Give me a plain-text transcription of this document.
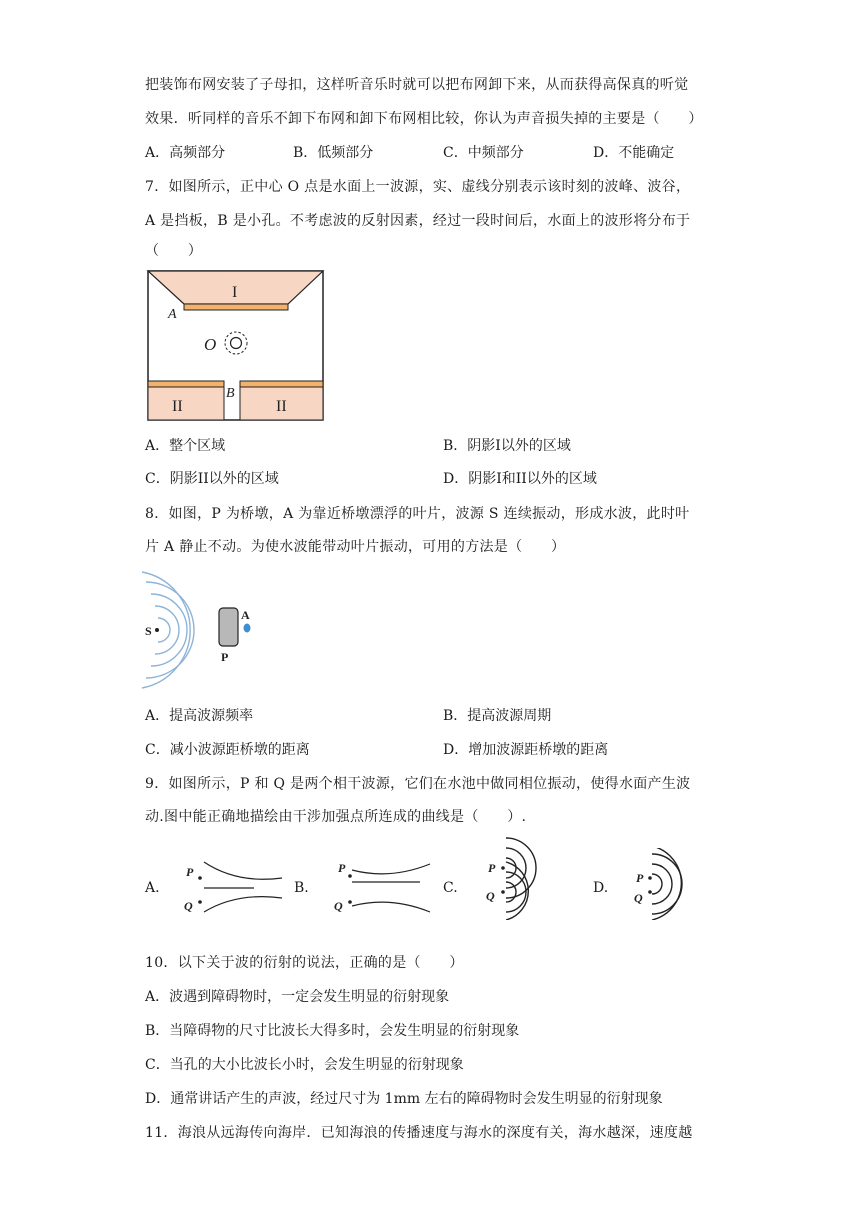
把装饰布网安装了子母扣，这样听音乐时就可以把布网卸下来，从而获得高保真的听觉
效果．听同样的音乐不卸下布网和卸下布网相比较，你认为声音损失掉的主要是（　　）
A．高频部分	B．低频部分	C．中频部分	D．不能确定
7．如图所示，正中心 O 点是水面上一波源，实、虚线分别表示该时刻的波峰、波谷，
A 是挡板，B 是小孔。不考虑波的反射因素，经过一段时间后，水面上的波形将分布于
（　　）
I
A
O
II	II
B
A．整个区域	B．阴影I以外的区域
C．阴影II以外的区域	D．阴影I和II以外的区域
8．如图，P 为桥墩，A 为靠近桥墩漂浮的叶片，波源 S 连续振动，形成水波，此时叶
片 A 静止不动。为使水波能带动叶片振动，可用的方法是（　　）
S
P
A
A．提高波源频率	B．提高波源周期
C．减小波源距桥墩的距离	D．增加波源距桥墩的距离
9．如图所示，P 和 Q 是两个相干波源，它们在水池中做同相位振动，使得水面产生波
动.图中能正确地描绘由干涉加强点所连成的曲线是（　　）.
A.
P
Q
B.
P
Q
C.
P
Q	D.
P
Q
10．以下关于波的衍射的说法，正确的是（　　）
A．波遇到障碍物时，一定会发生明显的衍射现象
B．当障碍物的尺寸比波长大得多时，会发生明显的衍射现象
C．当孔的大小比波长小时，会发生明显的衍射现象
D．通常讲话产生的声波，经过尺寸为 1mm 左右的障碍物时会发生明显的衍射现象
11．海浪从远海传向海岸．已知海浪的传播速度与海水的深度有关，海水越深，速度越
